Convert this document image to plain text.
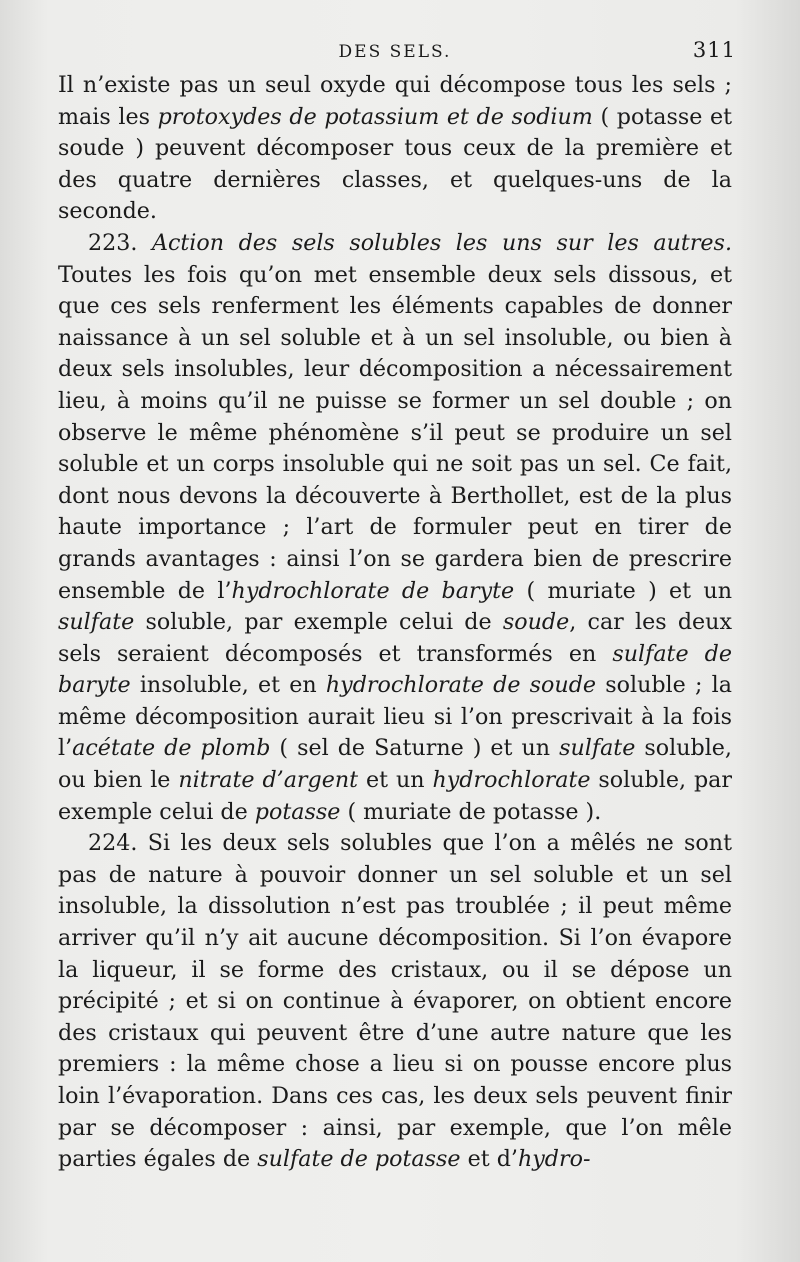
DES SELS.	311

Il n’existe pas un seul oxyde qui décompose tous les sels ; mais les protoxydes de potassium et de sodium ( potasse et soude ) peuvent décomposer tous ceux de la première et des quatre dernières classes, et quelques-uns de la seconde.

223. Action des sels solubles les uns sur les autres. Toutes les fois qu’on met ensemble deux sels dissous, et que ces sels renferment les éléments capables de donner naissance à un sel soluble et à un sel insoluble, ou bien à deux sels insolubles, leur décomposition a nécessairement lieu, à moins qu’il ne puisse se former un sel double ; on observe le même phénomène s’il peut se produire un sel soluble et un corps insoluble qui ne soit pas un sel. Ce fait, dont nous devons la découverte à Berthollet, est de la plus haute importance ; l’art de formuler peut en tirer de grands avantages : ainsi l’on se gardera bien de prescrire ensemble de l’hydrochlorate de baryte ( muriate ) et un sulfate soluble, par exemple celui de soude, car les deux sels seraient décomposés et transformés en sulfate de baryte insoluble, et en hydrochlorate de soude soluble ; la même décomposition aurait lieu si l’on prescrivait à la fois l’acétate de plomb ( sel de Saturne ) et un sulfate soluble, ou bien le nitrate d’argent et un hydrochlorate soluble, par exemple celui de potasse ( muriate de potasse ).

224. Si les deux sels solubles que l’on a mêlés ne sont pas de nature à pouvoir donner un sel soluble et un sel insoluble, la dissolution n’est pas troublée ; il peut même arriver qu’il n’y ait aucune décomposition. Si l’on évapore la liqueur, il se forme des cristaux, ou il se dépose un précipité ; et si on continue à évaporer, on obtient encore des cristaux qui peuvent être d’une autre nature que les premiers : la même chose a lieu si on pousse encore plus loin l’évaporation. Dans ces cas, les deux sels peuvent finir par se décomposer : ainsi, par exemple, que l’on mêle parties égales de sulfate de potasse et d’hydro-
